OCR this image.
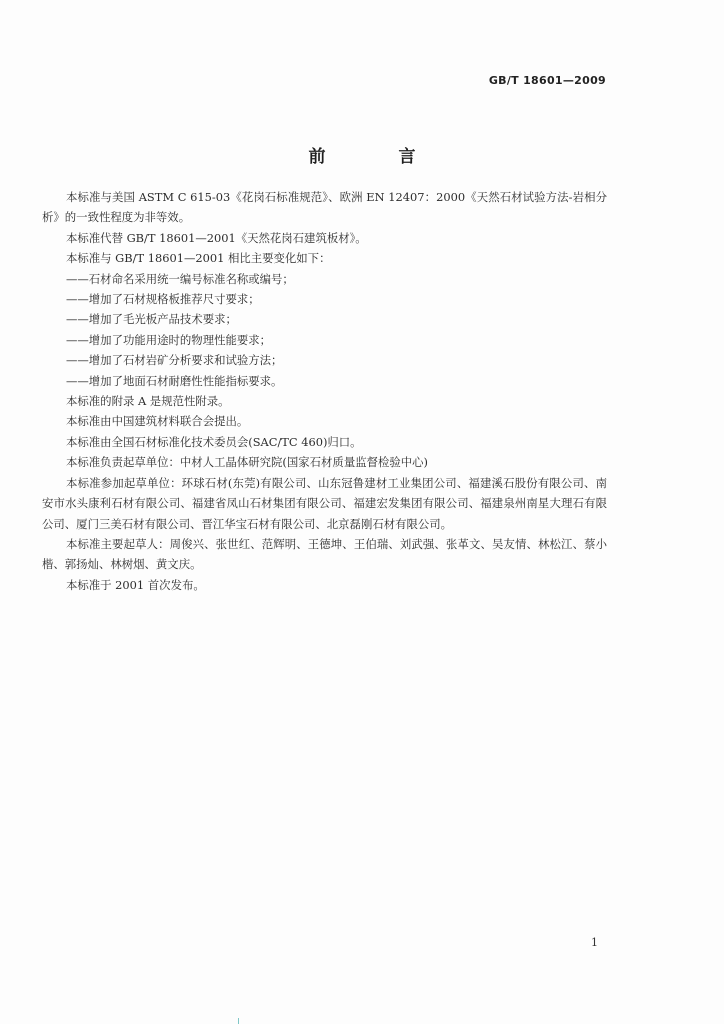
GB/T 18601—2009
前　言

本标准与美国 ASTM C 615-03《花岗石标准规范》、欧洲 EN 12407：2000《天然石材试验方法-岩相分析》的一致性程度为非等效。

本标准代替 GB/T 18601—2001《天然花岗石建筑板材》。

本标准与 GB/T 18601—2001 相比主要变化如下：

——石材命名采用统一编号标准名称或编号；

——增加了石材规格板推荐尺寸要求；

——增加了毛光板产品技术要求；

——增加了功能用途时的物理性能要求；

——增加了石材岩矿分析要求和试验方法；

——增加了地面石材耐磨性性能指标要求。

本标准的附录 A 是规范性附录。

本标准由中国建筑材料联合会提出。

本标准由全国石材标准化技术委员会(SAC/TC 460)归口。

本标准负责起草单位：中材人工晶体研究院(国家石材质量监督检验中心)

本标准参加起草单位：环球石材(东莞)有限公司、山东冠鲁建材工业集团公司、福建溪石股份有限公司、南安市水头康利石材有限公司、福建省凤山石材集团有限公司、福建宏发集团有限公司、福建泉州南星大理石有限公司、厦门三美石材有限公司、晋江华宝石材有限公司、北京磊刚石材有限公司。

本标准主要起草人：周俊兴、张世红、范辉明、王德坤、王伯瑞、刘武强、张革文、吴友情、林松江、蔡小楷、郭扬灿、林树烟、黄文庆。

本标准于 2001 首次发布。

1
